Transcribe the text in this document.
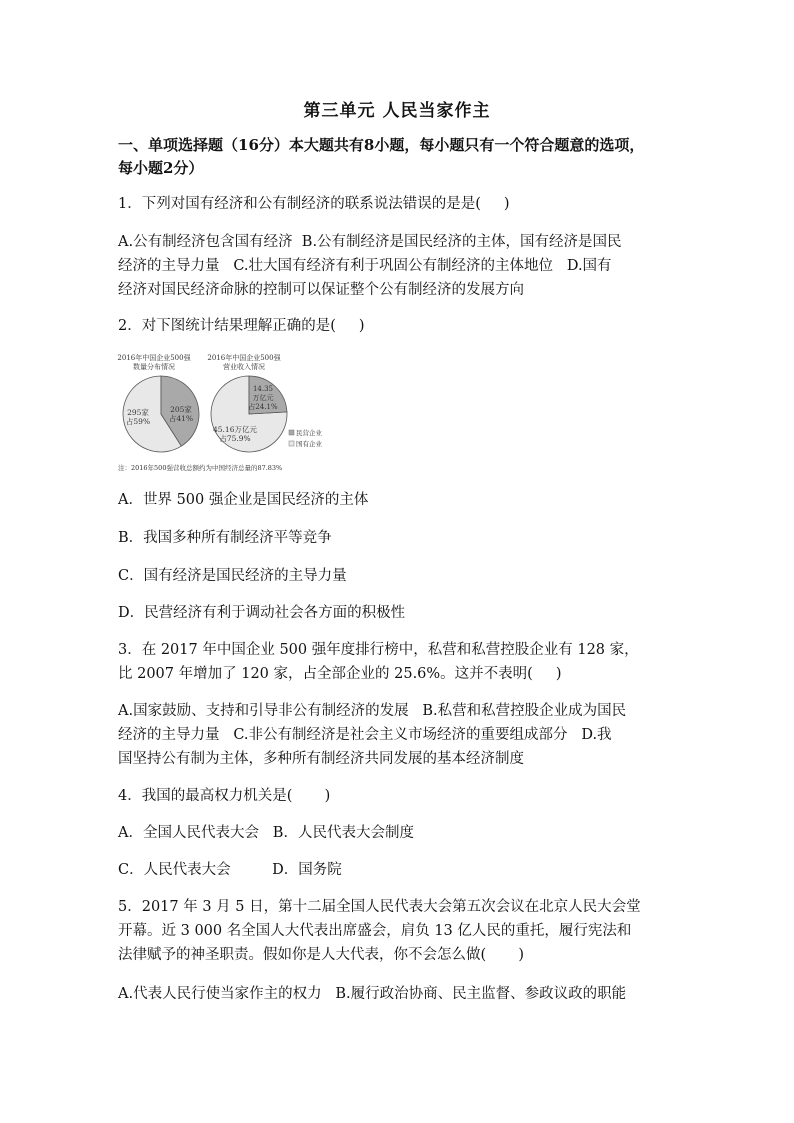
第三单元 人民当家作主
一、单项选择题（16分）本大题共有8小题，每小题只有一个符合题意的选项，
每小题2分）
1．下列对国有经济和公有制经济的联系说法错误的是是(     )
A.公有制经济包含国有经济  B.公有制经济是国民经济的主体，国有经济是国民
经济的主导力量   C.壮大国有经济有利于巩固公有制经济的主体地位   D.国有
经济对国民经济命脉的控制可以保证整个公有制经济的发展方向
2．对下图统计结果理解正确的是(     )
2016年中国企业500强
数量分布情况
2016年中国企业500强
营业收入情况
205家
占41%
295家
占59%
14.35
万亿元
占24.1%
45.16万亿元
占75.9%
民营企业
国有企业
注：2016年500强营收总额约为中国经济总量的87.83%
A．世界 500 强企业是国民经济的主体
B．我国多种所有制经济平等竞争
C．国有经济是国民经济的主导力量
D．民营经济有利于调动社会各方面的积极性
3．在 2017 年中国企业 500 强年度排行榜中，私营和私营控股企业有 128 家，
比 2007 年增加了 120 家，占全部企业的 25.6%。这并不表明(     )
A.国家鼓励、支持和引导非公有制经济的发展   B.私营和私营控股企业成为国民
经济的主导力量   C.非公有制经济是社会主义市场经济的重要组成部分   D.我
国坚持公有制为主体，多种所有制经济共同发展的基本经济制度
4．我国的最高权力机关是(       )
A．全国人民代表大会   B．人民代表大会制度
C．人民代表大会         D．国务院
5．2017 年 3 月 5 日，第十二届全国人民代表大会第五次会议在北京人民大会堂
开幕。近 3 000 名全国人大代表出席盛会，肩负 13 亿人民的重托，履行宪法和
法律赋予的神圣职责。假如你是人大代表，你不会怎么做(       )
A.代表人民行使当家作主的权力   B.履行政治协商、民主监督、参政议政的职能
